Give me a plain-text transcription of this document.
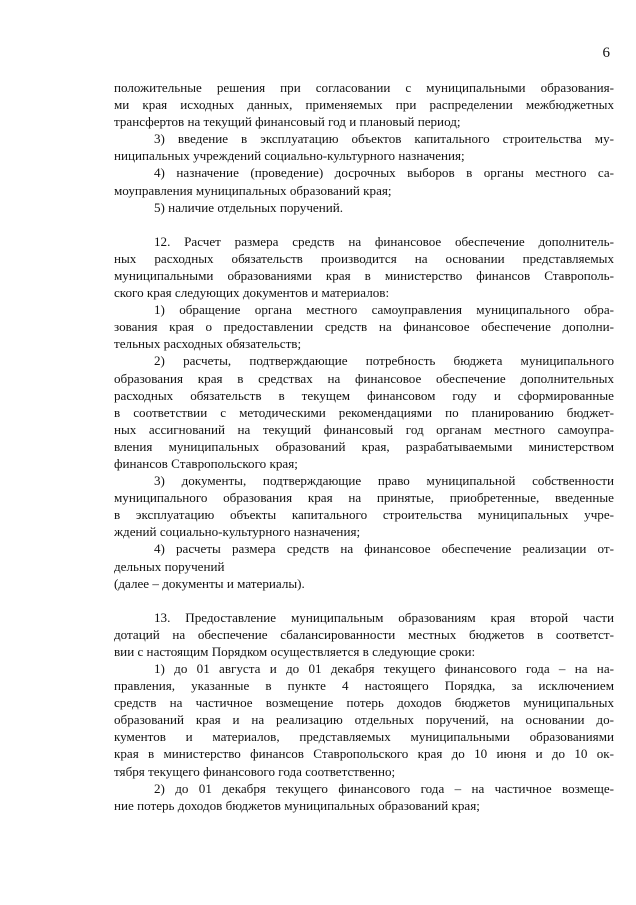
6

положительные решения при согласовании с муниципальными образования-

ми края исходных данных, применяемых при распределении межбюджетных

трансфертов на текущий финансовый год и плановый период;

3) введение в эксплуатацию объектов капитального строительства му-

ниципальных учреждений социально-культурного назначения;

4) назначение (проведение) досрочных выборов в органы местного са-

моуправления муниципальных образований края;

5) наличие отдельных поручений.

12. Расчет размера средств на финансовое обеспечение дополнитель-

ных расходных обязательств производится на основании представляемых

муниципальными образованиями края в министерство финансов Ставрополь-

ского края следующих документов и материалов:

1) обращение органа местного самоуправления муниципального обра-

зования края о предоставлении средств на финансовое обеспечение дополни-

тельных расходных обязательств;

2) расчеты, подтверждающие потребность бюджета муниципального

образования края в средствах на финансовое обеспечение дополнительных

расходных обязательств в текущем финансовом году и сформированные

в соответствии с методическими рекомендациями по планированию бюджет-

ных ассигнований на текущий финансовый год органам местного самоупра-

вления муниципальных образований края, разрабатываемыми министерством

финансов Ставропольского края;

3) документы, подтверждающие право муниципальной собственности

муниципального образования края на принятые, приобретенные, введенные

в эксплуатацию объекты капитального строительства муниципальных учре-

ждений социально-культурного назначения;

4) расчеты размера средств на финансовое обеспечение реализации от-

дельных поручений

(далее – документы и материалы).

13. Предоставление муниципальным образованиям края второй части

дотаций на обеспечение сбалансированности местных бюджетов в соответст-

вии с настоящим Порядком осуществляется в следующие сроки:

1) до 01 августа и до 01 декабря текущего финансового года – на на-

правления, указанные в пункте 4 настоящего Порядка, за исключением

средств на частичное возмещение потерь доходов бюджетов муниципальных

образований края и на реализацию отдельных поручений, на основании до-

кументов и материалов, представляемых муниципальными образованиями

края в министерство финансов Ставропольского края до 10 июня и до 10 ок-

тября текущего финансового года соответственно;

2) до 01 декабря текущего финансового года – на частичное возмеще-

ние потерь доходов бюджетов муниципальных образований края;
